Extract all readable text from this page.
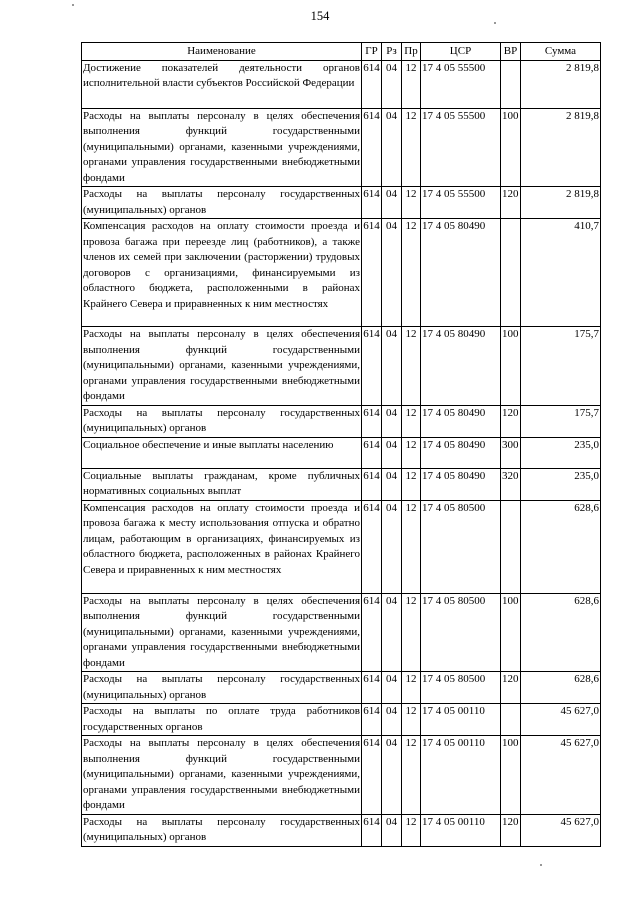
154
Наименование	ГР	Рз	Пр	ЦСР	ВР	Сумма
Достижение показателей деятельности органов исполнительной власти субъектов Российской Федерации	614	04	12	17 4 05 55500		2 819,8
Расходы на выплаты персоналу в целях обеспечения выполнения функций государственными (муниципальными) органами, казенными учреждениями, органами управления государственными внебюджетными фондами	614	04	12	17 4 05 55500	100	2 819,8
Расходы на выплаты персоналу государственных (муниципальных) органов	614	04	12	17 4 05 55500	120	2 819,8
Компенсация расходов на оплату стоимости проезда и провоза багажа при переезде лиц (работников), а также членов их семей при заключении (расторжении) трудовых договоров с организациями, финансируемыми из областного бюджета, расположенными в районах Крайнего Севера и приравненных к ним местностях	614	04	12	17 4 05 80490		410,7
Расходы на выплаты персоналу в целях обеспечения выполнения функций государственными (муниципальными) органами, казенными учреждениями, органами управления государственными внебюджетными фондами	614	04	12	17 4 05 80490	100	175,7
Расходы на выплаты персоналу государственных (муниципальных) органов	614	04	12	17 4 05 80490	120	175,7
Социальное обеспечение и иные выплаты населению	614	04	12	17 4 05 80490	300	235,0
Социальные выплаты гражданам, кроме публичных нормативных социальных выплат	614	04	12	17 4 05 80490	320	235,0
Компенсация расходов на оплату стоимости проезда и провоза багажа к месту использования отпуска и обратно лицам, работающим в организациях, финансируемых из областного бюджета, расположенных в районах Крайнего Севера и приравненных к ним местностях	614	04	12	17 4 05 80500		628,6
Расходы на выплаты персоналу в целях обеспечения выполнения функций государственными (муниципальными) органами, казенными учреждениями, органами управления государственными внебюджетными фондами	614	04	12	17 4 05 80500	100	628,6
Расходы на выплаты персоналу государственных (муниципальных) органов	614	04	12	17 4 05 80500	120	628,6
Расходы на выплаты по оплате труда работников государственных органов	614	04	12	17 4 05 00110		45 627,0
Расходы на выплаты персоналу в целях обеспечения выполнения функций государственными (муниципальными) органами, казенными учреждениями, органами управления государственными внебюджетными фондами	614	04	12	17 4 05 00110	100	45 627,0
Расходы на выплаты персоналу государственных (муниципальных) органов	614	04	12	17 4 05 00110	120	45 627,0
